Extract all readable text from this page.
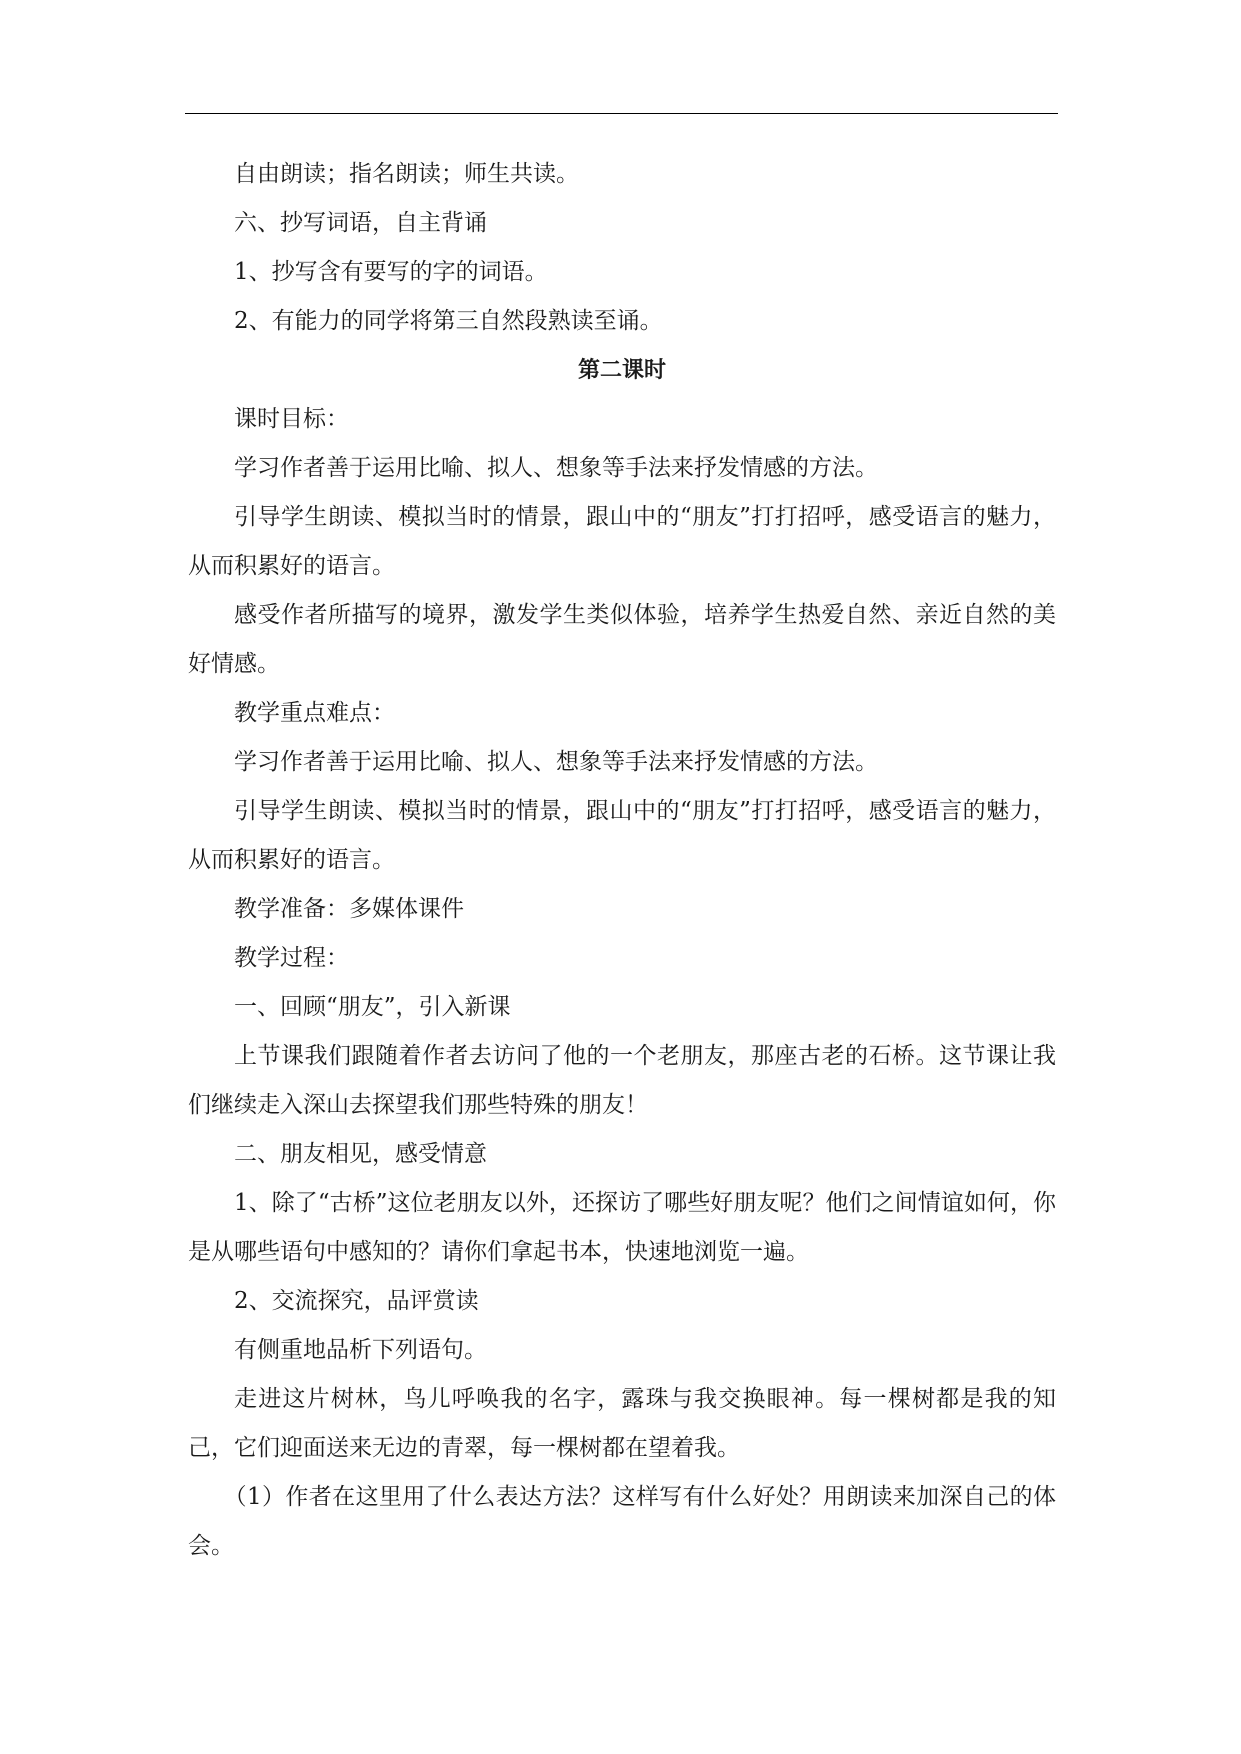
自由朗读；指名朗读；师生共读。

六、抄写词语，自主背诵

1、抄写含有要写的字的词语。

2、有能力的同学将第三自然段熟读至诵。

第二课时

课时目标：

学习作者善于运用比喻、拟人、想象等手法来抒发情感的方法。

引导学生朗读、模拟当时的情景，跟山中的“朋友”打打招呼，感受语言的魅力，从而积累好的语言。

感受作者所描写的境界，激发学生类似体验，培养学生热爱自然、亲近自然的美好情感。

教学重点难点：

学习作者善于运用比喻、拟人、想象等手法来抒发情感的方法。

引导学生朗读、模拟当时的情景，跟山中的“朋友”打打招呼，感受语言的魅力，从而积累好的语言。

教学准备：多媒体课件

教学过程：

一、回顾“朋友”，引入新课

上节课我们跟随着作者去访问了他的一个老朋友，那座古老的石桥。这节课让我们继续走入深山去探望我们那些特殊的朋友！

二、朋友相见，感受情意

1、除了“古桥”这位老朋友以外，还探访了哪些好朋友呢？他们之间情谊如何，你是从哪些语句中感知的？请你们拿起书本，快速地浏览一遍。

2、交流探究，品评赏读

有侧重地品析下列语句。

走进这片树林，鸟儿呼唤我的名字，露珠与我交换眼神。每一棵树都是我的知己，它们迎面送来无边的青翠，每一棵树都在望着我。

（1）作者在这里用了什么表达方法？这样写有什么好处？用朗读来加深自己的体会。
